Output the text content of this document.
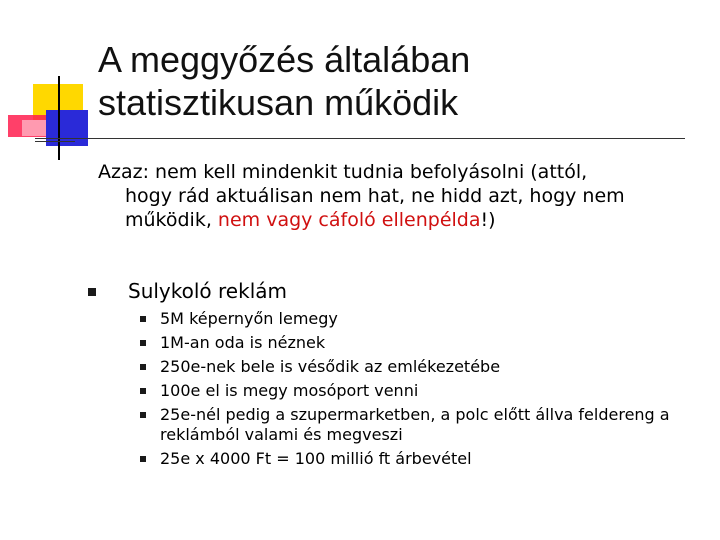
A meggyőzés általában
statisztikusan működik
Azaz: nem kell mindenkit tudnia befolyásolni (attól,
hogy rád aktuálisan nem hat, ne hidd azt, hogy nem
működik, nem vagy cáfoló ellenpélda!)
Sulykoló reklám
5M képernyőn lemegy
1M-an oda is néznek
250e-nek bele is vésődik az emlékezetébe
100e el is megy mosóport venni
25e-nél pedig a szupermarketben, a polc előtt állva feldereng a reklámból valami és megveszi
25e x 4000 Ft = 100 millió ft árbevétel
